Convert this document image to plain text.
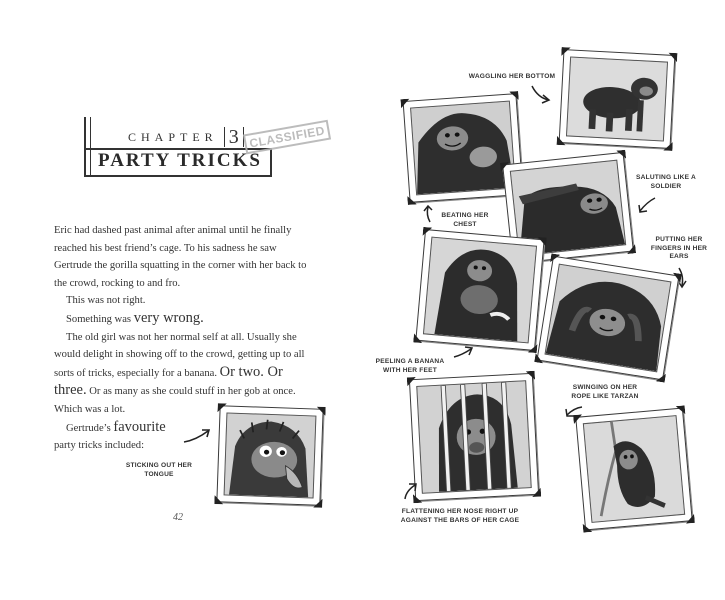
CHAPTER 3 CLASSIFIED
PARTY TRICKS

Eric had dashed past animal after animal until he finally reached his best friend’s cage. To his sadness he saw Gertrude the gorilla squatting in the corner with her back to the crowd, rocking to and fro.

This was not right.

Something was very wrong.

The old girl was not her normal self at all. Usually she would delight in showing off to the crowd, getting up to all sorts of tricks, especially for a banana. Or two. Or three. Or as many as she could stuff in her gob at once. Which was a lot.

Gertrude’s favourite

party tricks included:

42
STICKING OUT HER TONGUE
WAGGLING HER BOTTOM
BEATING HER CHEST
SALUTING LIKE A SOLDIER
PUTTING HER FINGERS IN HER EARS
PEELING A BANANA WITH HER FEET
SWINGING ON HER ROPE LIKE TARZAN
FLATTENING HER NOSE RIGHT UP AGAINST THE BARS OF HER CAGE
